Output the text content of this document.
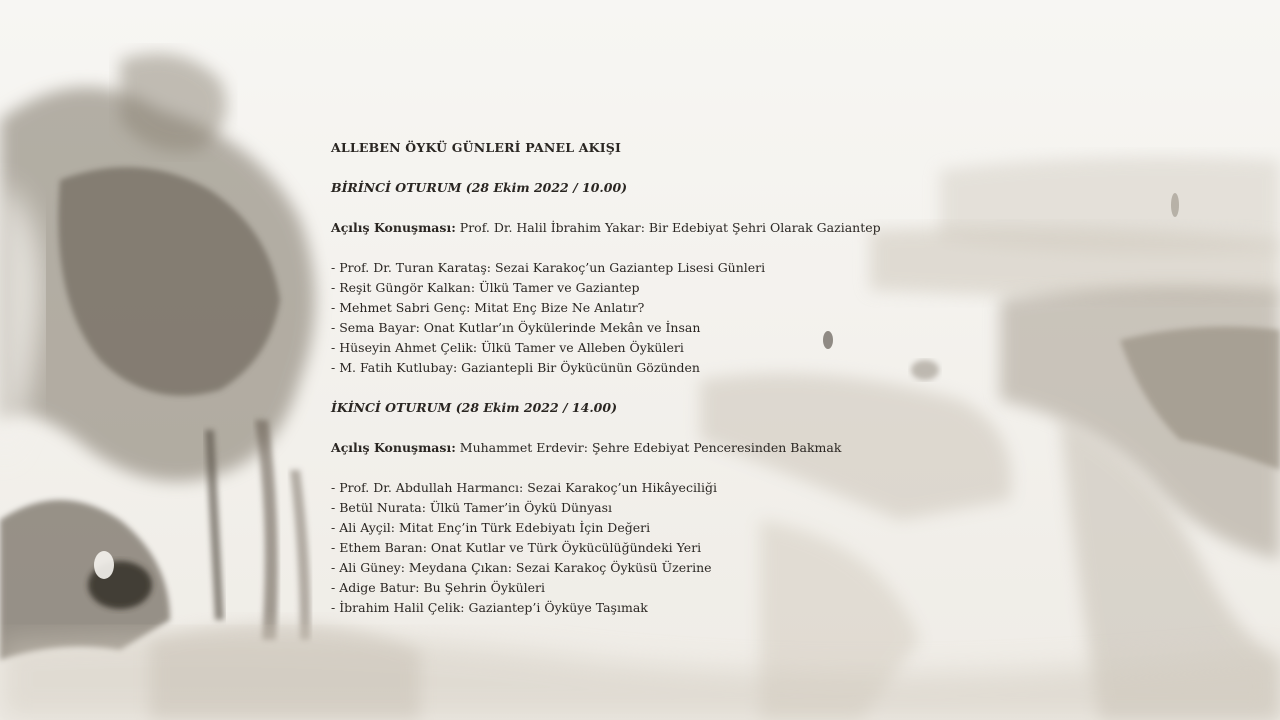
ALLEBEN ÖYKÜ GÜNLERİ PANEL AKIŞI
BİRİNCİ OTURUM (28 Ekim 2022 / 10.00)
Açılış Konuşması: Prof. Dr. Halil İbrahim Yakar: Bir Edebiyat Şehri Olarak Gaziantep
- Prof. Dr. Turan Karataş: Sezai Karakoç’un Gaziantep Lisesi Günleri
- Reşit Güngör Kalkan: Ülkü Tamer ve Gaziantep
- Mehmet Sabri Genç: Mitat Enç Bize Ne Anlatır?
- Sema Bayar: Onat Kutlar’ın Öykülerinde Mekân ve İnsan
- Hüseyin Ahmet Çelik: Ülkü Tamer ve Alleben Öyküleri
- M. Fatih Kutlubay: Gaziantepli Bir Öykücünün Gözünden
İKİNCİ OTURUM (28 Ekim 2022 / 14.00)
Açılış Konuşması: Muhammet Erdevir: Şehre Edebiyat Penceresinden Bakmak
- Prof. Dr. Abdullah Harmancı: Sezai Karakoç’un Hikâyeciliği
- Betül Nurata: Ülkü Tamer’in Öykü Dünyası
- Ali Ayçil: Mitat Enç’in Türk Edebiyatı İçin Değeri
- Ethem Baran: Onat Kutlar ve Türk Öykücülüğündeki Yeri
- Ali Güney: Meydana Çıkan: Sezai Karakoç Öyküsü Üzerine
- Adige Batur: Bu Şehrin Öyküleri
- İbrahim Halil Çelik: Gaziantep’i Öyküye Taşımak
